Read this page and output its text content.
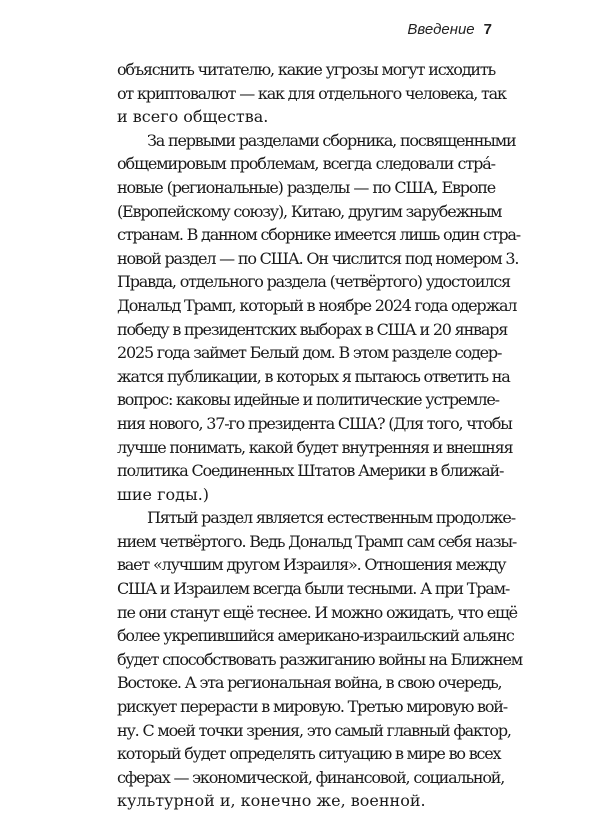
Введение 7
объяснить читателю, какие угрозы могут исходить
от криптовалют — как для отдельного человека, так
и всего общества.
За первыми разделами сборника, посвященными
общемировым проблемам, всегда следовали стра́-
новые (региональные) разделы — по США, Европе
(Европейскому союзу), Китаю, другим зарубежным
странам. В данном сборнике имеется лишь один стра-
новой раздел — по США. Он числится под номером 3.
Правда, отдельного раздела (четвёртого) удостоился
Дональд Трамп, который в ноябре 2024 года одержал
победу в президентских выборах в США и 20 января
2025 года займет Белый дом. В этом разделе содер-
жатся публикации, в которых я пытаюсь ответить на
вопрос: каковы идейные и политические устремле-
ния нового, 37-го президента США? (Для того, чтобы
лучше понимать, какой будет внутренняя и внешняя
политика Соединенных Штатов Америки в ближай-
шие годы.)
Пятый раздел является естественным продолже-
нием четвёртого. Ведь Дональд Трамп сам себя назы-
вает «лучшим другом Израиля». Отношения между
США и Израилем всегда были тесными. А при Трам-
пе они станут ещё теснее. И можно ожидать, что ещё
более укрепившийся американо-израильский альянс
будет способствовать разжиганию войны на Ближнем
Востоке. А эта региональная война, в свою очередь,
рискует перерасти в мировую. Третью мировую вой-
ну. С моей точки зрения, это самый главный фактор,
который будет определять ситуацию в мире во всех
сферах — экономической, финансовой, социальной,
культурной и, конечно же, военной.
